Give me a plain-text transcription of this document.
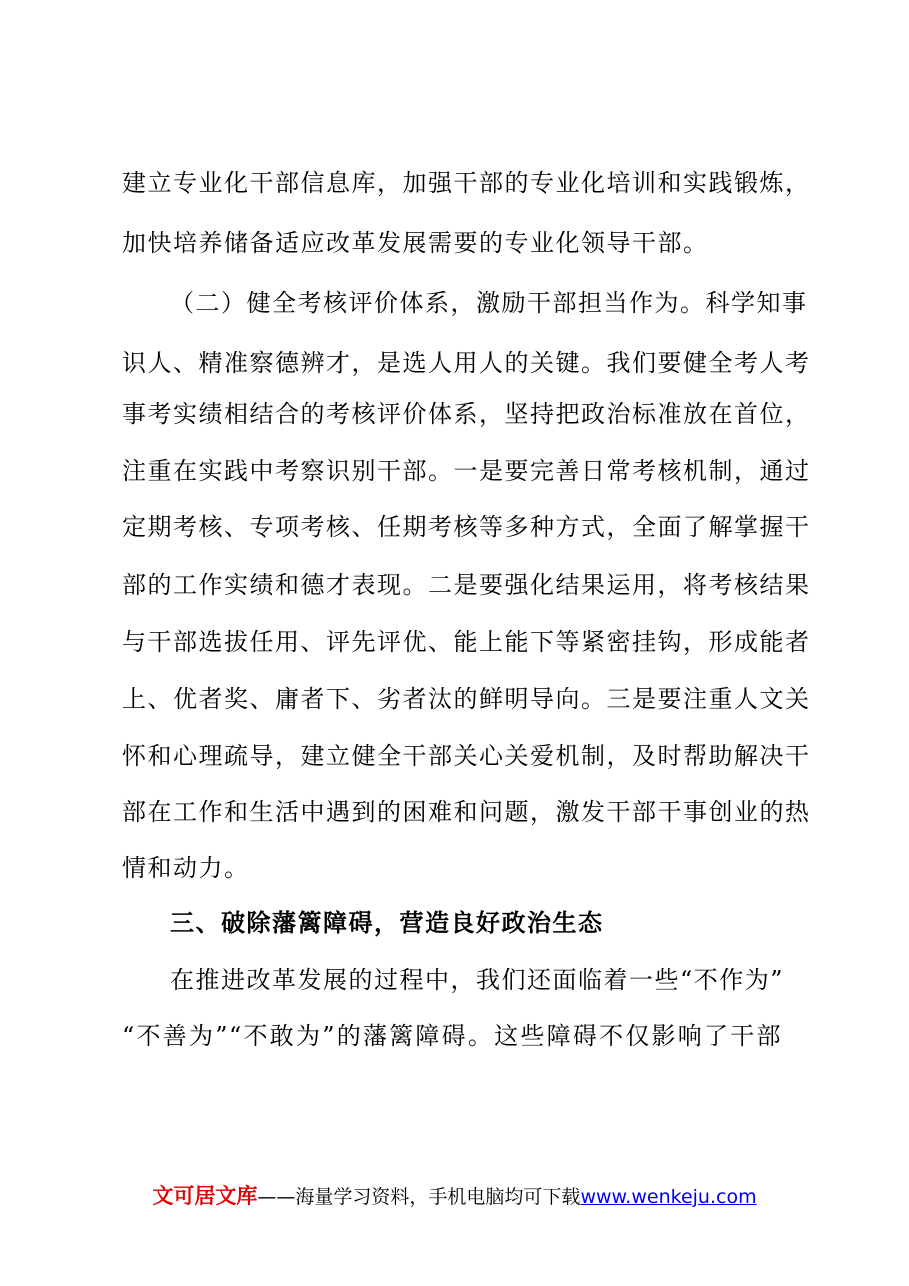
建立专业化干部信息库，加强干部的专业化培训和实践锻炼，
加快培养储备适应改革发展需要的专业化领导干部。
（二）健全考核评价体系，激励干部担当作为。科学知事
识人、精准察德辨才，是选人用人的关键。我们要健全考人考
事考实绩相结合的考核评价体系，坚持把政治标准放在首位，
注重在实践中考察识别干部。一是要完善日常考核机制，通过
定期考核、专项考核、任期考核等多种方式，全面了解掌握干
部的工作实绩和德才表现。二是要强化结果运用，将考核结果
与干部选拔任用、评先评优、能上能下等紧密挂钩，形成能者
上、优者奖、庸者下、劣者汰的鲜明导向。三是要注重人文关
怀和心理疏导，建立健全干部关心关爱机制，及时帮助解决干
部在工作和生活中遇到的困难和问题，激发干部干事创业的热
情和动力。
三、破除藩篱障碍，营造良好政治生态
在推进改革发展的过程中，我们还面临着一些“不作为”
“不善为”“不敢为”的藩篱障碍。这些障碍不仅影响了干部
文可居文库——海量学习资料，手机电脑均可下载www.wenkeju.com
